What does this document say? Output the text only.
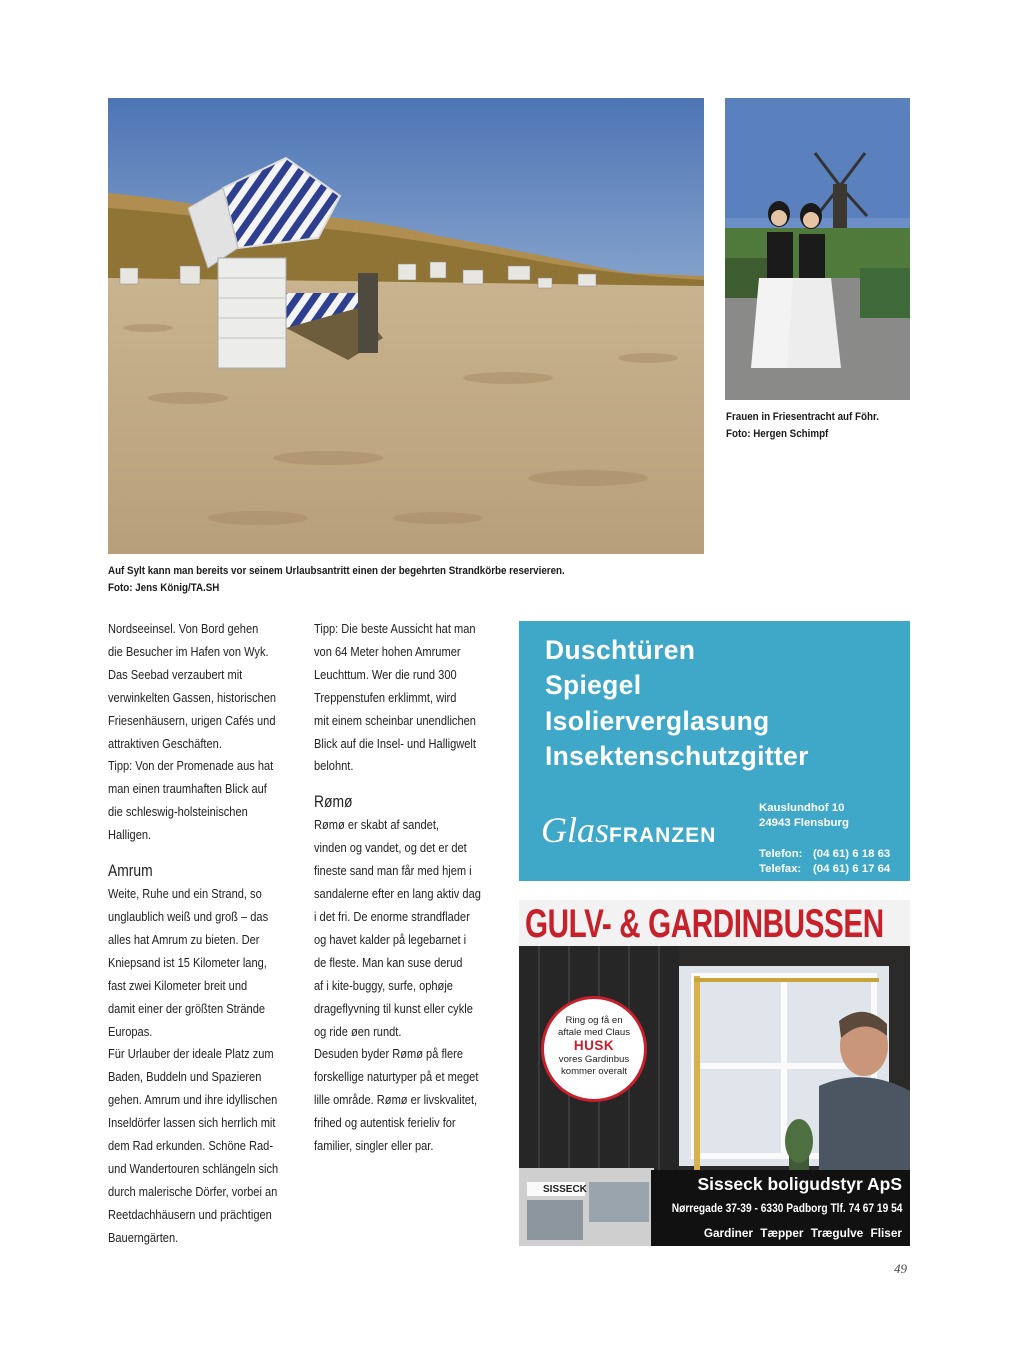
Frauen in Friesentracht auf Föhr.
Foto: Hergen Schimpf
Auf Sylt kann man bereits vor seinem Urlaubsantritt einen der begehrten Strandkörbe reservieren.
Foto: Jens König/TA.SH

Nordseeinsel. Von Bord gehen

die Besucher im Hafen von Wyk.

Das Seebad verzaubert mit

verwinkelten Gassen, historischen

Friesenhäusern, urigen Cafés und

attraktiven Geschäften.

Tipp: Von der Promenade aus hat

man einen traumhaften Blick auf

die schleswig-holsteinischen

Halligen.

Amrum

Weite, Ruhe und ein Strand, so

unglaublich weiß und groß – das

alles hat Amrum zu bieten. Der

Kniepsand ist 15 Kilometer lang,

fast zwei Kilometer breit und

damit einer der größten Strände

Europas.

Für Urlauber der ideale Platz zum

Baden, Buddeln und Spazieren

gehen. Amrum und ihre idyllischen

Inseldörfer lassen sich herrlich mit

dem Rad erkunden. Schöne Rad-

und Wandertouren schlängeln sich

durch malerische Dörfer, vorbei an

Reetdachhäusern und prächtigen

Bauerngärten.

Tipp: Die beste Aussicht hat man

von 64 Meter hohen Amrumer

Leuchttum. Wer die rund 300

Treppenstufen erklimmt, wird

mit einem scheinbar unendlichen

Blick auf die Insel- und Halligwelt

belohnt.

Rømø

Rømø er skabt af sandet,

vinden og vandet, og det er det

fineste sand man får med hjem i

sandalerne efter en lang aktiv dag

i det fri. De enorme strandflader

og havet kalder på legebarnet i

de fleste. Man kan suse derud

af i kite-buggy, surfe, ophøje

drageflyvning til kunst eller cykle

og ride øen rundt.

Desuden byder Rømø på flere

forskellige naturtyper på et meget

lille område. Rømø er livskvalitet,

frihed og autentisk ferieliv for

familier, singler eller par.

Duschtüren
Spiegel
Isolierverglasung
Insektenschutzgitter
GlasFRANZEN
Kauslundhof 10
24943 Flensburg
Telefon: (04 61) 6 18 63
Telefax: (04 61) 6 17 64
SISSECK
GULV- & GARDINBUSSEN
Ring og få en
aftale med Claus
HUSK
vores Gardinbus
kommer overalt
Sisseck boligudstyr ApS
Nørregade 37-39 - 6330 Padborg Tlf. 74 67 19 54
Gardiner Tæpper Trægulve Fliser
49
